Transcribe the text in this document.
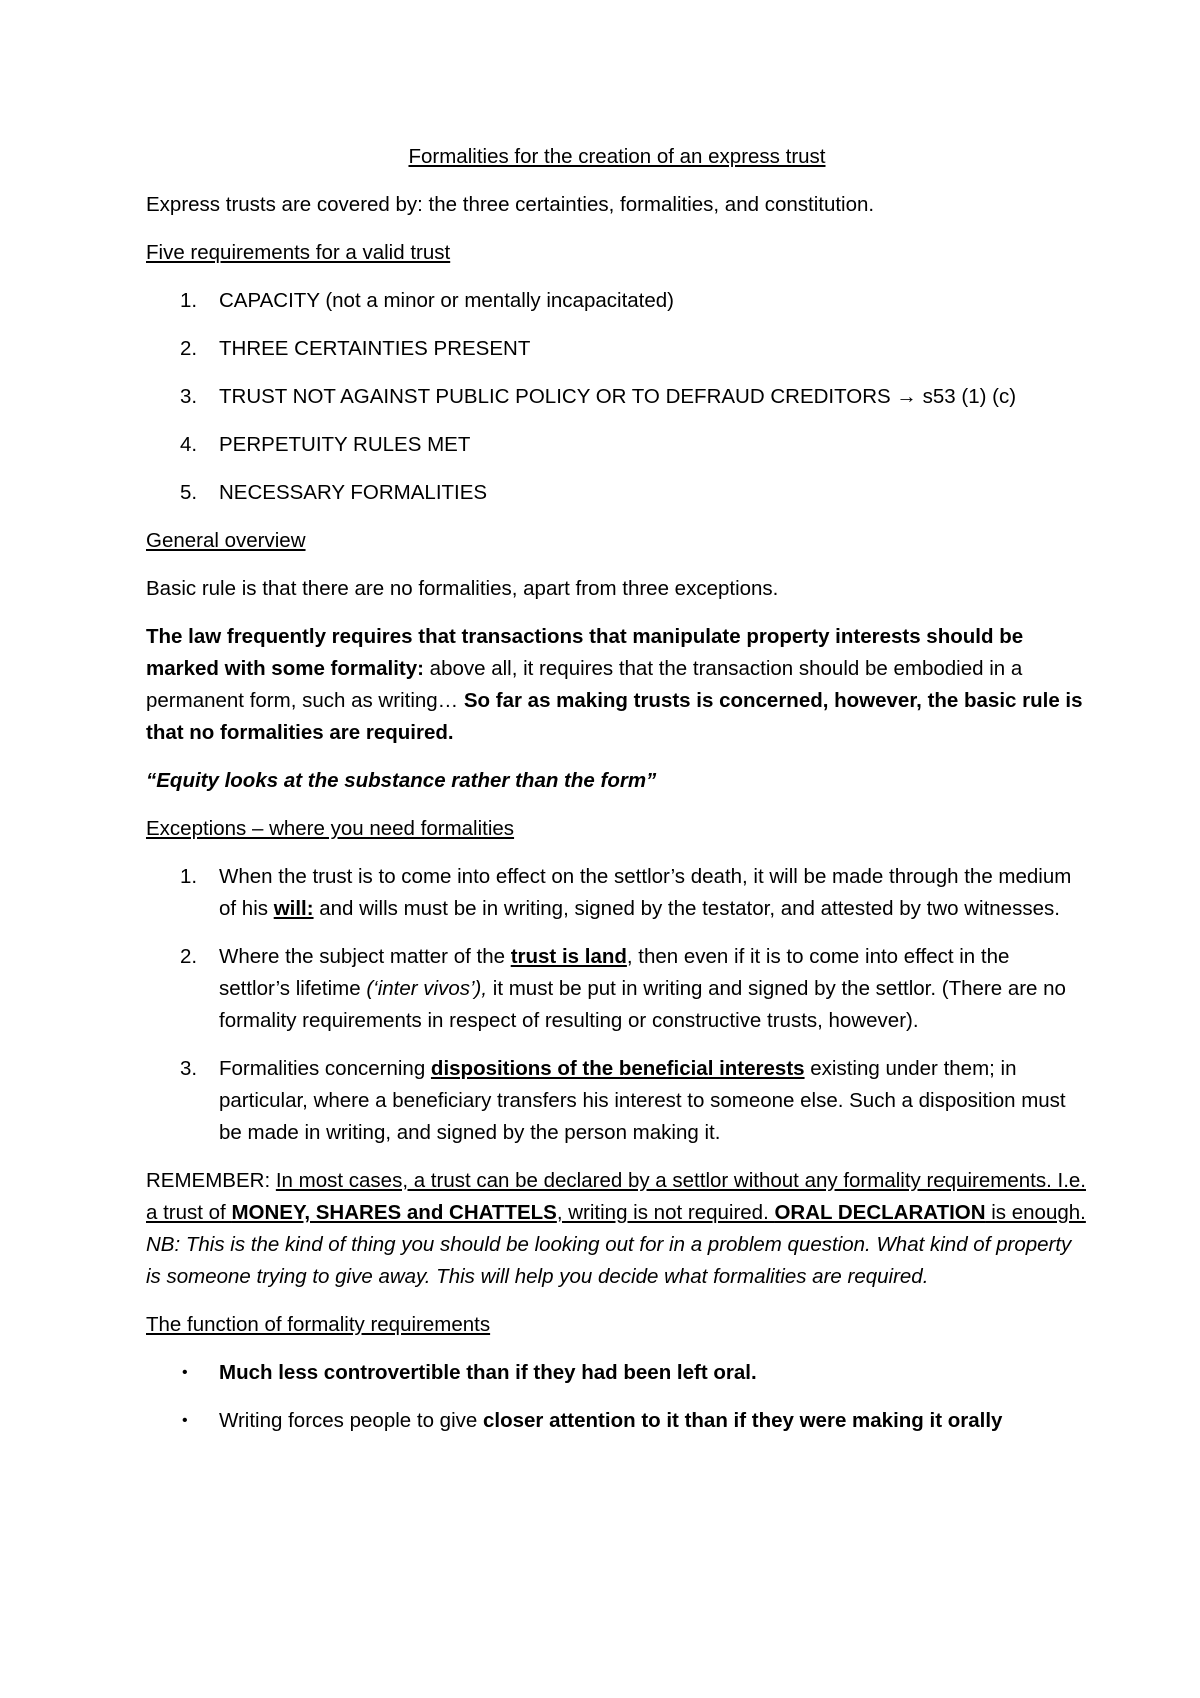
Formalities for the creation of an express trust

Express trusts are covered by: the three certainties, formalities, and constitution.

Five requirements for a valid trust
1. CAPACITY (not a minor or mentally incapacitated)
2. THREE CERTAINTIES PRESENT
3. TRUST NOT AGAINST PUBLIC POLICY OR TO DEFRAUD CREDITORS → s53 (1) (c)
4. PERPETUITY RULES MET
5. NECESSARY FORMALITIES
General overview

Basic rule is that there are no formalities, apart from three exceptions.

The law frequently requires that transactions that manipulate property interests should be marked with some formality: above all, it requires that the transaction should be embodied in a permanent form, such as writing… So far as making trusts is concerned, however, the basic rule is that no formalities are required.

“Equity looks at the substance rather than the form”

Exceptions – where you need formalities
1. When the trust is to come into effect on the settlor’s death, it will be made through the medium of his will: and wills must be in writing, signed by the testator, and attested by two witnesses.
2. Where the subject matter of the trust is land, then even if it is to come into effect in the settlor’s lifetime (‘inter vivos’), it must be put in writing and signed by the settlor. (There are no formality requirements in respect of resulting or constructive trusts, however).
3. Formalities concerning dispositions of the beneficial interests existing under them; in particular, where a beneficiary transfers his interest to someone else. Such a disposition must be made in writing, and signed by the person making it.

REMEMBER: In most cases, a trust can be declared by a settlor without any formality requirements. I.e. a trust of MONEY, SHARES and CHATTELS, writing is not required. ORAL DECLARATION is enough. NB: This is the kind of thing you should be looking out for in a problem question. What kind of property is someone trying to give away. This will help you decide what formalities are required.

The function of formality requirements
• Much less controvertible than if they had been left oral.
• Writing forces people to give closer attention to it than if they were making it orally
